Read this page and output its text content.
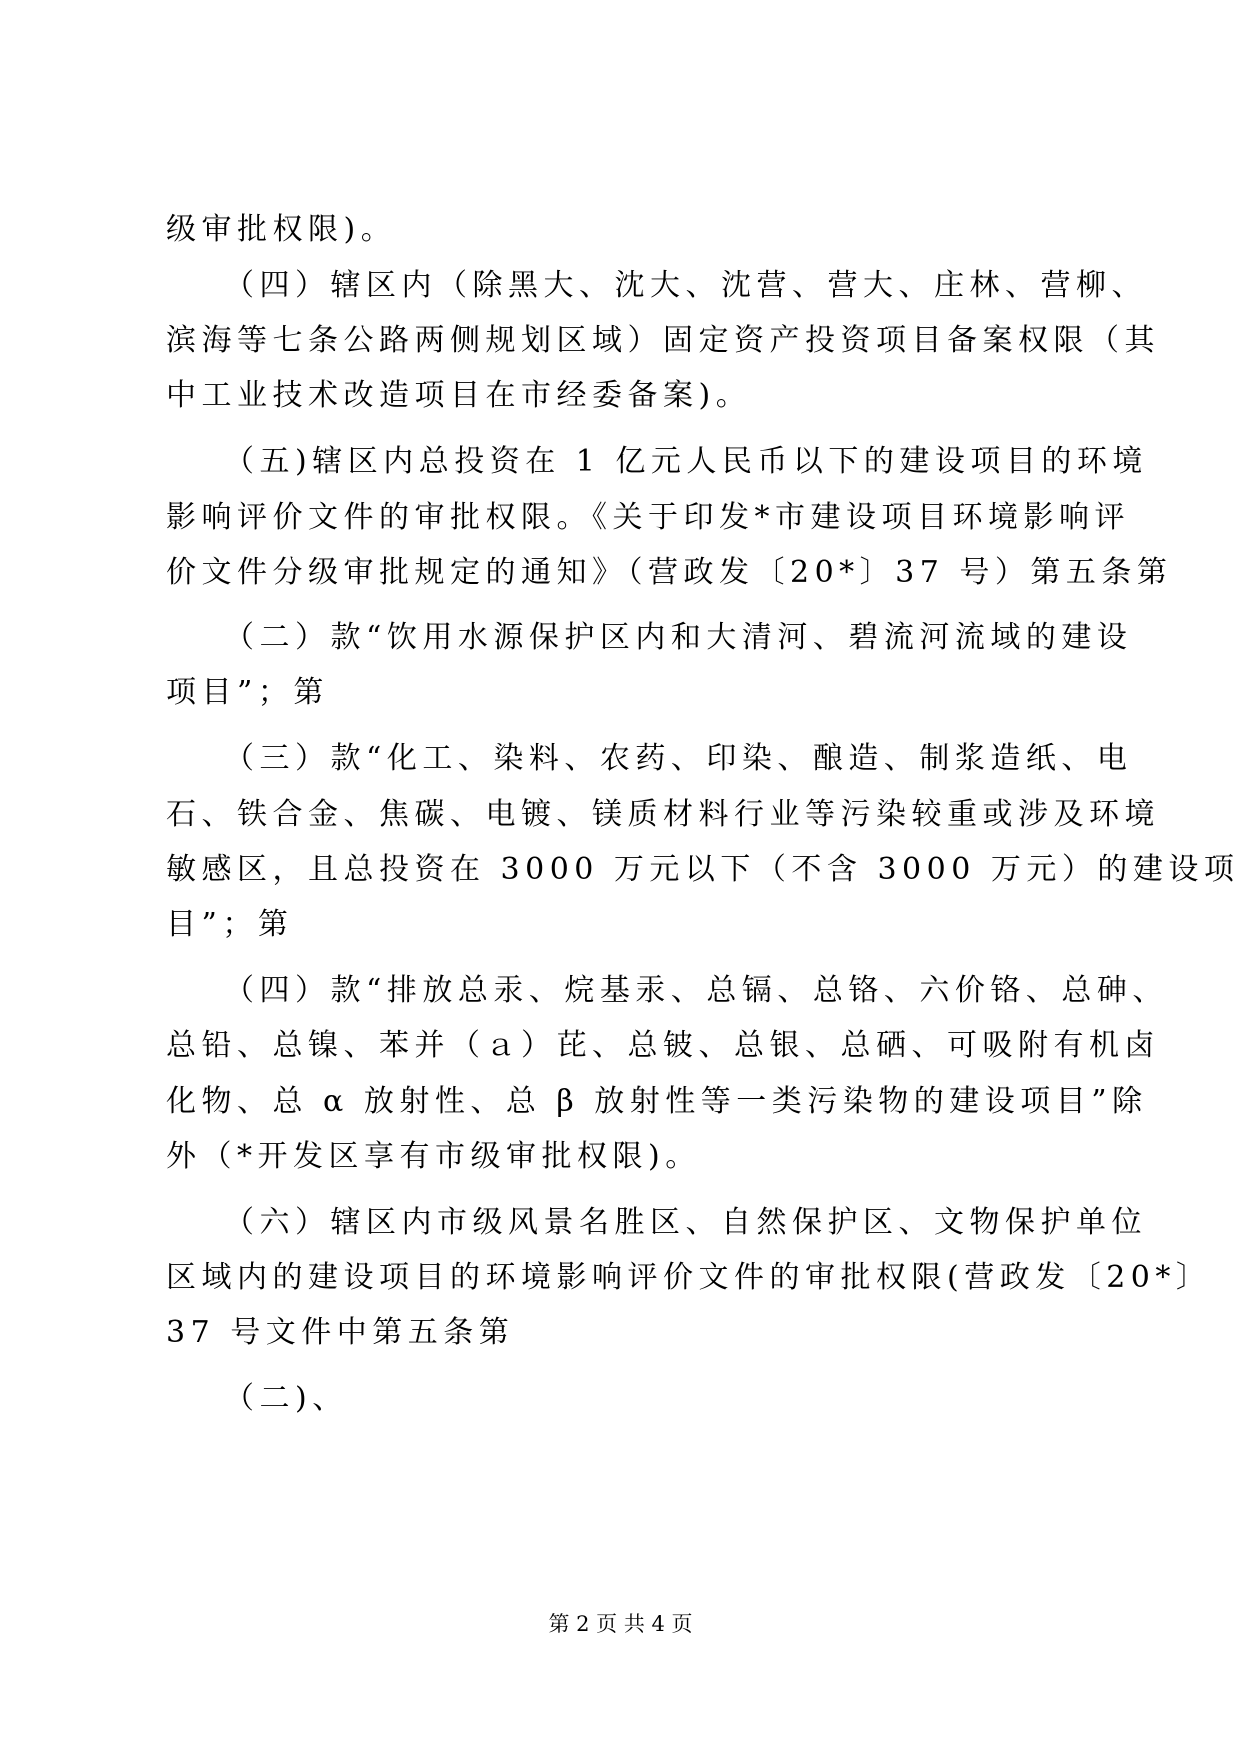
级审批权限)。
（四）辖区内（除黑大、沈大、沈营、营大、庄林、营柳、
滨海等七条公路两侧规划区域）固定资产投资项目备案权限（其
中工业技术改造项目在市经委备案)。
（五)辖区内总投资在 1 亿元人民币以下的建设项目的环境
影响评价文件的审批权限。《关于印发*市建设项目环境影响评
价文件分级审批规定的通知》（营政发〔20*〕37 号）第五条第
（二）款“饮用水源保护区内和大清河、碧流河流域的建设
项目”；第
（三）款“化工、染料、农药、印染、酿造、制浆造纸、电
石、铁合金、焦碳、电镀、镁质材料行业等污染较重或涉及环境
敏感区，且总投资在 3000 万元以下（不含 3000 万元）的建设项
目”；第
（四）款“排放总汞、烷基汞、总镉、总铬、六价铬、总砷、
总铅、总镍、苯并（ａ）芘、总铍、总银、总硒、可吸附有机卤
化物、总 α 放射性、总 β 放射性等一类污染物的建设项目”除
外（*开发区享有市级审批权限)。
（六）辖区内市级风景名胜区、自然保护区、文物保护单位
区域内的建设项目的环境影响评价文件的审批权限(营政发〔20*〕
37 号文件中第五条第
（二)、
第 2 页 共 4 页
